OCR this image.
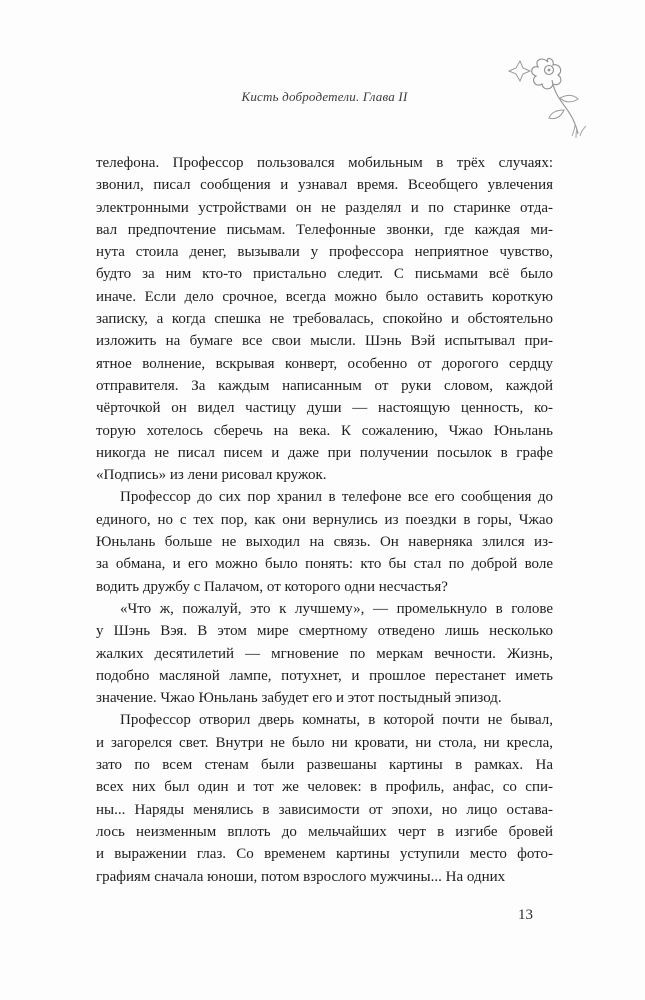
Кисть добродетели. Глава II

телефона. Профессор пользовался мобильным в трёх случаях:
звонил, писал сообщения и узнавал время. Всеобщего увлечения
электронными устройствами он не разделял и по старинке отда-
вал предпочтение письмам. Телефонные звонки, где каждая ми-
нута стоила денег, вызывали у профессора неприятное чувство,
будто за ним кто-то пристально следит. С письмами всё было
иначе. Если дело срочное, всегда можно было оставить короткую
записку, а когда спешка не требовалась, спокойно и обстоятельно
изложить на бумаге все свои мысли. Шэнь Вэй испытывал при-
ятное волнение, вскрывая конверт, особенно от дорогого сердцу
отправителя. За каждым написанным от руки словом, каждой
чёрточкой он видел частицу души — настоящую ценность, ко-
торую хотелось сберечь на века. К сожалению, Чжао Юньлань
никогда не писал писем и даже при получении посылок в графе
«Подпись» из лени рисовал кружок.

Профессор до сих пор хранил в телефоне все его сообщения до
единого, но с тех пор, как они вернулись из поездки в горы, Чжао
Юньлань больше не выходил на связь. Он наверняка злился из-
за обмана, и его можно было понять: кто бы стал по доброй воле
водить дружбу с Палачом, от которого одни несчастья?

«Что ж, пожалуй, это к лучшему», — промелькнуло в голове
у Шэнь Вэя. В этом мире смертному отведено лишь несколько
жалких десятилетий — мгновение по меркам вечности. Жизнь,
подобно масляной лампе, потухнет, и прошлое перестанет иметь
значение. Чжао Юньлань забудет его и этот постыдный эпизод.

Профессор отворил дверь комнаты, в которой почти не бывал,
и загорелся свет. Внутри не было ни кровати, ни стола, ни кресла,
зато по всем стенам были развешаны картины в рамках. На
всех них был один и тот же человек: в профиль, анфас, со спи-
ны... Наряды менялись в зависимости от эпохи, но лицо остава-
лось неизменным вплоть до мельчайших черт в изгибе бровей
и выражении глаз. Со временем картины уступили место фото-
графиям сначала юноши, потом взрослого мужчины... На одних

13
